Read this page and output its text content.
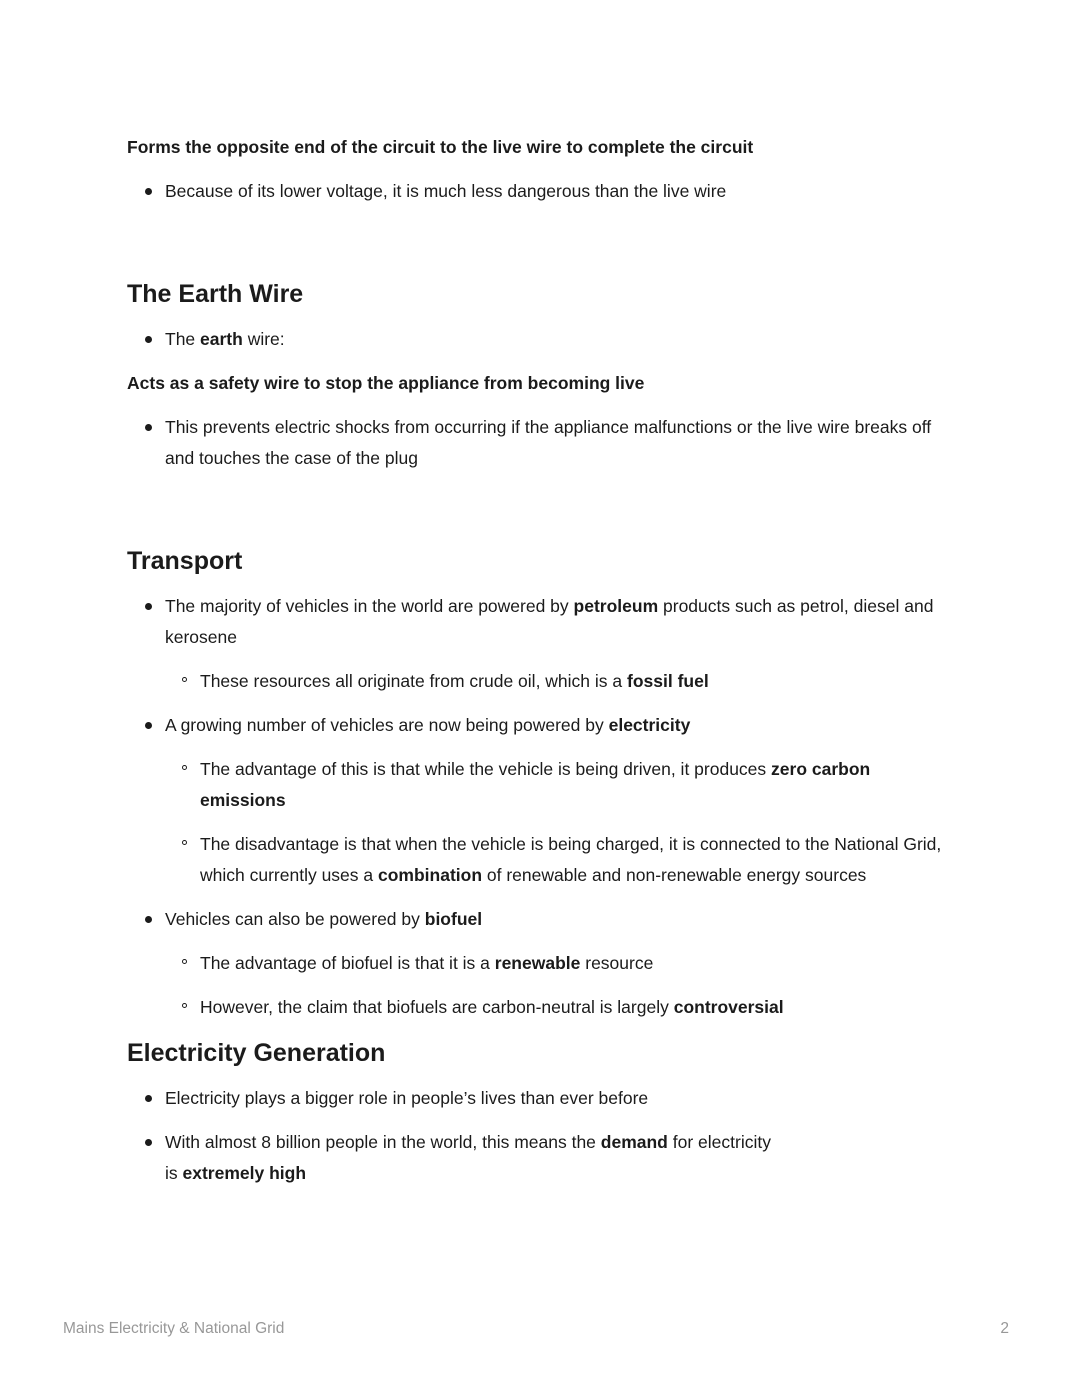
Forms the opposite end of the circuit to the live wire to complete the circuit
Because of its lower voltage, it is much less dangerous than the live wire
The Earth Wire
The earth wire:
Acts as a safety wire to stop the appliance from becoming live
This prevents electric shocks from occurring if the appliance malfunctions or the live wire breaks off and touches the case of the plug
Transport
The majority of vehicles in the world are powered by petroleum products such as petrol, diesel and kerosene
These resources all originate from crude oil, which is a fossil fuel
A growing number of vehicles are now being powered by electricity
The advantage of this is that while the vehicle is being driven, it produces zero carbon emissions
The disadvantage is that when the vehicle is being charged, it is connected to the National Grid, which currently uses a combination of renewable and non-renewable energy sources
Vehicles can also be powered by biofuel
The advantage of biofuel is that it is a renewable resource
However, the claim that biofuels are carbon-neutral is largely controversial
Electricity Generation
Electricity plays a bigger role in people’s lives than ever before
With almost 8 billion people in the world, this means the demand for electricity
is extremely high
Mains Electricity & National Grid	2
